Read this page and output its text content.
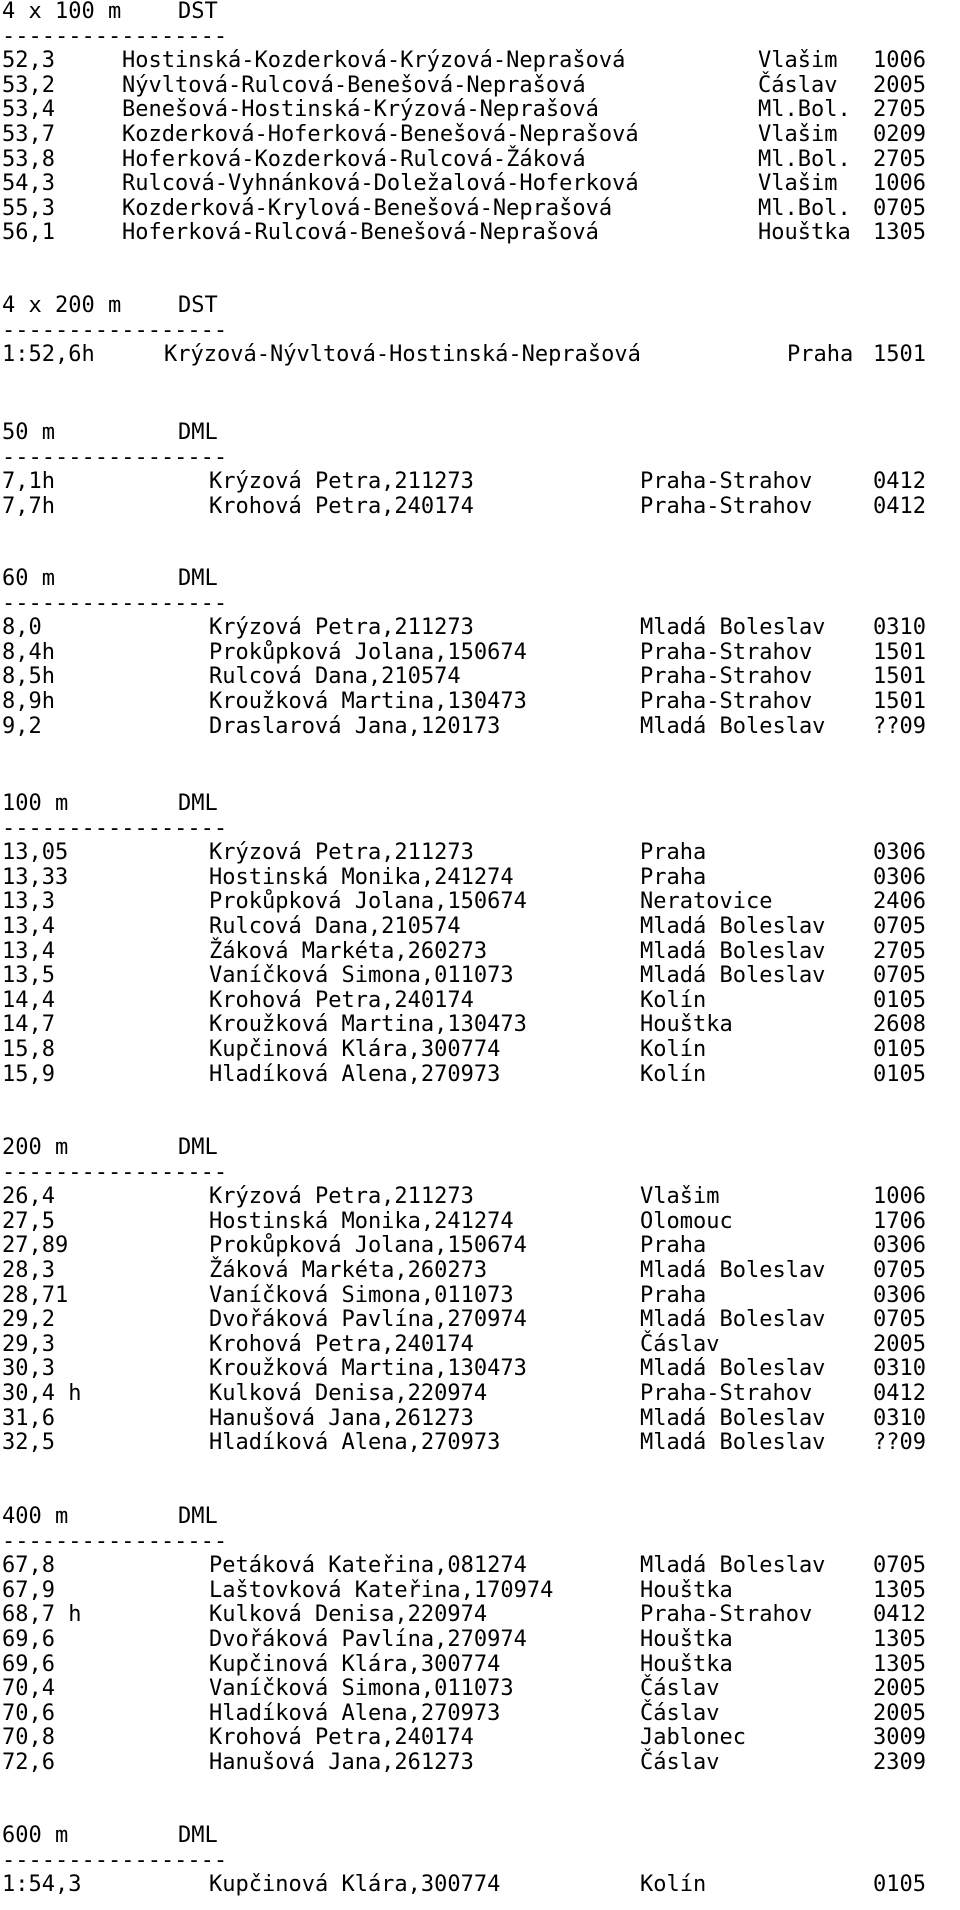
4 x 100 m	DST
-----------------
52,3	Hostinská-Kozderková-Krýzová-Neprašová	Vlašim 1006
53,2	Nývltová-Rulcová-Benešová-Neprašová	Čáslav 2005
53,4	Benešová-Hostinská-Krýzová-Neprašová	Ml.Bol. 2705
53,7	Kozderková-Hoferková-Benešová-Neprašová	Vlašim 0209
53,8	Hoferková-Kozderková-Rulcová-Žáková	Ml.Bol. 2705
54,3	Rulcová-Vyhnánková-Doležalová-Hoferková	Vlašim 1006
55,3	Kozderková-Krylová-Benešová-Neprašová	Ml.Bol. 0705
56,1	Hoferková-Rulcová-Benešová-Neprašová	Houštka 1305
4 x 200 m	DST
-----------------
1:52,6h	Krýzová-Nývltová-Hostinská-Neprašová	Praha 1501
50 m	DML
-----------------
7,1h	Krýzová Petra,211273	Praha-Strahov	0412
7,7h	Krohová Petra,240174	Praha-Strahov	0412
60 m	DML
-----------------
8,0	Krýzová Petra,211273	Mladá Boleslav 0310
8,4h	Prokůpková Jolana,150674	Praha-Strahov	1501
8,5h	Rulcová Dana,210574	Praha-Strahov	1501
8,9h	Kroužková Martina,130473	Praha-Strahov	1501
9,2	Draslarová Jana,120173	Mladá Boleslav ??09
100 m	DML
-----------------
13,05	Krýzová Petra,211273	Praha	0306
13,33	Hostinská Monika,241274	Praha	0306
13,3	Prokůpková Jolana,150674	Neratovice	2406
13,4	Rulcová Dana,210574	Mladá Boleslav 0705
13,4	Žáková Markéta,260273	Mladá Boleslav 2705
13,5	Vaníčková Simona,011073	Mladá Boleslav 0705
14,4	Krohová Petra,240174	Kolín	0105
14,7	Kroužková Martina,130473	Houštka	2608
15,8	Kupčinová Klára,300774	Kolín	0105
15,9	Hladíková Alena,270973	Kolín	0105
200 m	DML
-----------------
26,4	Krýzová Petra,211273	Vlašim	1006
27,5	Hostinská Monika,241274	Olomouc	1706
27,89	Prokůpková Jolana,150674	Praha	0306
28,3	Žáková Markéta,260273	Mladá Boleslav 0705
28,71	Vaníčková Simona,011073	Praha	0306
29,2	Dvořáková Pavlína,270974	Mladá Boleslav 0705
29,3	Krohová Petra,240174	Čáslav	2005
30,3	Kroužková Martina,130473	Mladá Boleslav 0310
30,4 h	Kulková Denisa,220974	Praha-Strahov	0412
31,6	Hanušová Jana,261273	Mladá Boleslav 0310
32,5	Hladíková Alena,270973	Mladá Boleslav ??09
400 m	DML
-----------------
67,8	Petáková Kateřina,081274	Mladá Boleslav 0705
67,9	Laštovková Kateřina,170974	Houštka	1305
68,7 h	Kulková Denisa,220974	Praha-Strahov	0412
69,6	Dvořáková Pavlína,270974	Houštka	1305
69,6	Kupčinová Klára,300774	Houštka	1305
70,4	Vaníčková Simona,011073	Čáslav	2005
70,6	Hladíková Alena,270973	Čáslav	2005
70,8	Krohová Petra,240174	Jablonec	3009
72,6	Hanušová Jana,261273	Čáslav	2309
600 m	DML
-----------------
1:54,3	Kupčinová Klára,300774	Kolín	0105
